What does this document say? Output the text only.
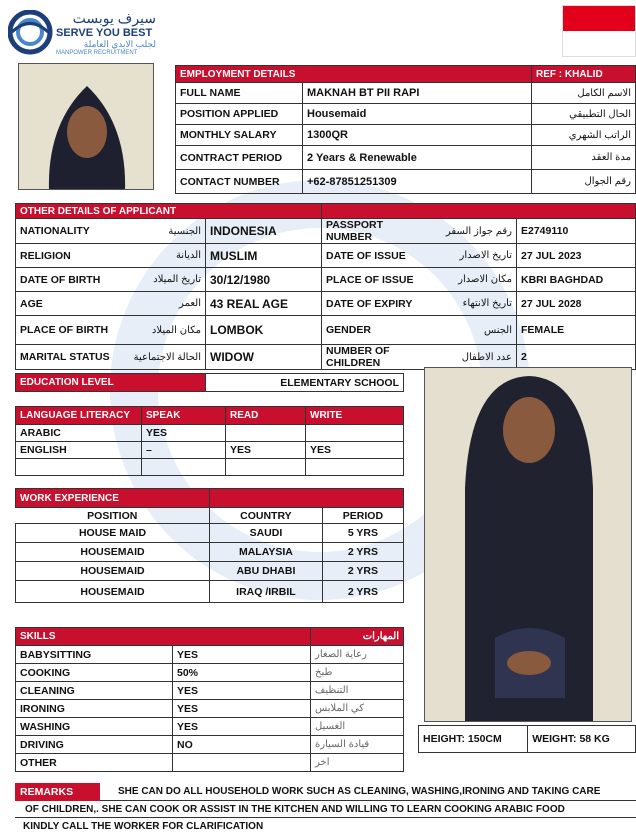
سيرف يوبست
SERVE YOU BEST
لجلب الايدي العاملة
MANPOWER RECRUITMENT
EMPLOYMENT DETAILS		REF : KHALID
FULL NAME	MAKNAH BT PII RAPI	الاسم الكامل
POSITION APPLIED	Housemaid	الحال التطبيقي
MONTHLY SALARY	1300QR	الراتب الشهري
CONTRACT PERIOD	2 Years & Renewable	مدة العقد
CONTACT NUMBER	+62-87851251309	رقم الجوال
OTHER DETAILS OF APPLICANT					
NATIONALITY	الجنسية	INDONESIA	PASSPORT NUMBER	رقم جواز السفر	E2749110
RELIGION	الديانة	MUSLIM	DATE OF ISSUE	تاريخ الاصدار	27 JUL 2023
DATE OF BIRTH	تاريخ الميلاد	30/12/1980	PLACE OF ISSUE	مكان الاصدار	KBRI BAGHDAD
AGE	العمر	43 REAL AGE	DATE OF EXPIRY	تاريخ الانتهاء	27 JUL 2028
PLACE OF BIRTH	مكان الميلاد	LOMBOK	GENDER	الجنس	FEMALE
MARITAL STATUS	الحالة الاجتماعية	WIDOW	NUMBER OF CHILDREN	عدد الاطفال	2
EDUCATION LEVEL	ELEMENTARY SCHOOL
LANGUAGE LITERACY	SPEAK	READ	WRITE
ARABIC	YES		
ENGLISH	–	YES	YES

WORK EXPERIENCE		
POSITION	COUNTRY	PERIOD
HOUSE MAID	SAUDI	5 YRS
HOUSEMAID	MALAYSIA	2 YRS
HOUSEMAID	ABU DHABI	2 YRS
HOUSEMAID	IRAQ /IRBIL	2 YRS
SKILLS		المهارات
BABYSITTING	YES	رعاية الصغار
COOKING	50%	طبخ
CLEANING	YES	التنظيف
IRONING	YES	كي الملابس
WASHING	YES	الغسيل
DRIVING	NO	قيادة السيارة
OTHER		اخر
HEIGHT: 150CM	WEIGHT: 58 KG
REMARKS	SHE CAN DO ALL HOUSEHOLD WORK SUCH AS CLEANING, WASHING,IRONING AND TAKING CARE
OF CHILDREN,. SHE CAN COOK OR ASSIST IN THE KITCHEN AND WILLING TO LEARN COOKING ARABIC FOOD
KINDLY CALL THE WORKER FOR CLARIFICATION
